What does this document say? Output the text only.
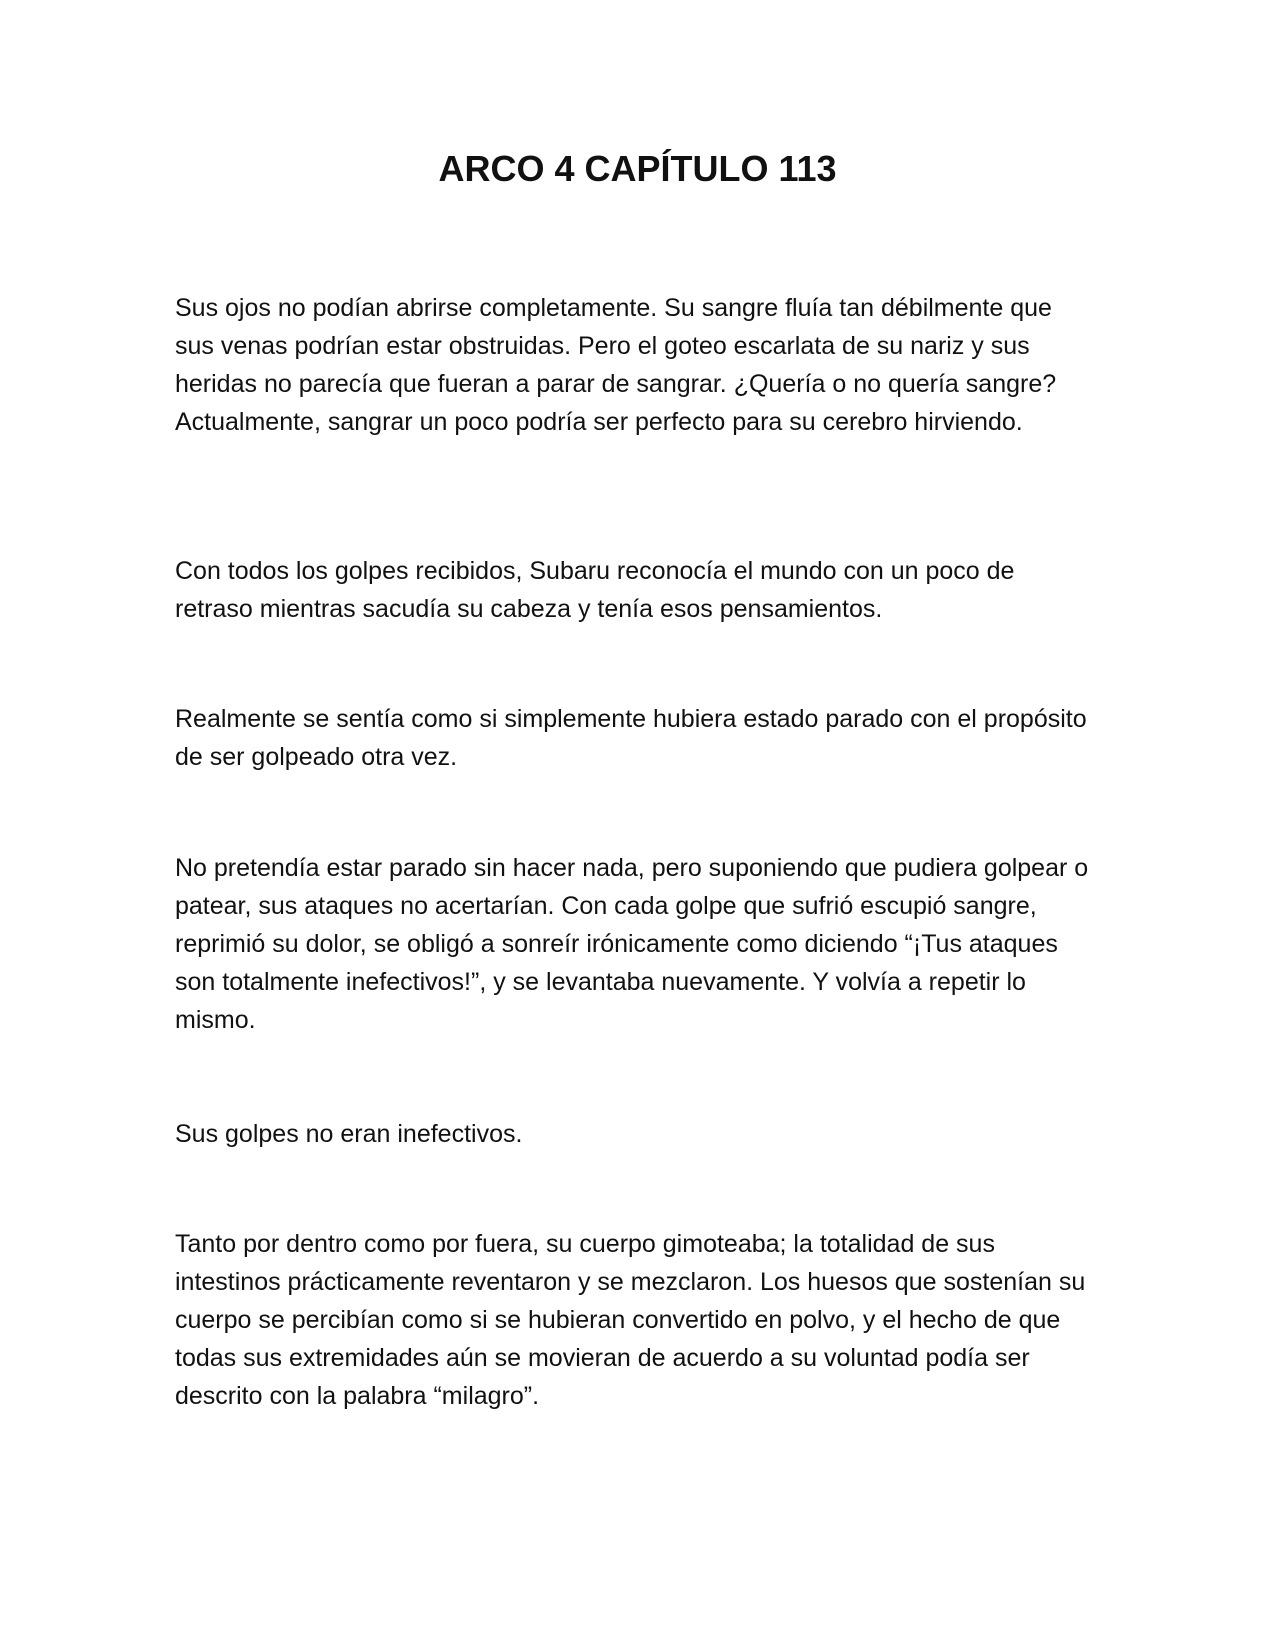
ARCO 4 CAPÍTULO 113

Sus ojos no podían abrirse completamente. Su sangre fluía tan débilmente que sus venas podrían estar obstruidas. Pero el goteo escarlata de su nariz y sus heridas no parecía que fueran a parar de sangrar. ¿Quería o no quería sangre? Actualmente, sangrar un poco podría ser perfecto para su cerebro hirviendo.

Con todos los golpes recibidos, Subaru reconocía el mundo con un poco de retraso mientras sacudía su cabeza y tenía esos pensamientos.

Realmente se sentía como si simplemente hubiera estado parado con el propósito de ser golpeado otra vez.

No pretendía estar parado sin hacer nada, pero suponiendo que pudiera golpear o patear, sus ataques no acertarían. Con cada golpe que sufrió escupió sangre, reprimió su dolor, se obligó a sonreír irónicamente como diciendo “¡Tus ataques son totalmente inefectivos!”, y se levantaba nuevamente. Y volvía a repetir lo mismo.

Sus golpes no eran inefectivos.

Tanto por dentro como por fuera, su cuerpo gimoteaba; la totalidad de sus intestinos prácticamente reventaron y se mezclaron. Los huesos que sostenían su cuerpo se percibían como si se hubieran convertido en polvo, y el hecho de que todas sus extremidades aún se movieran de acuerdo a su voluntad podía ser descrito con la palabra “milagro”.
